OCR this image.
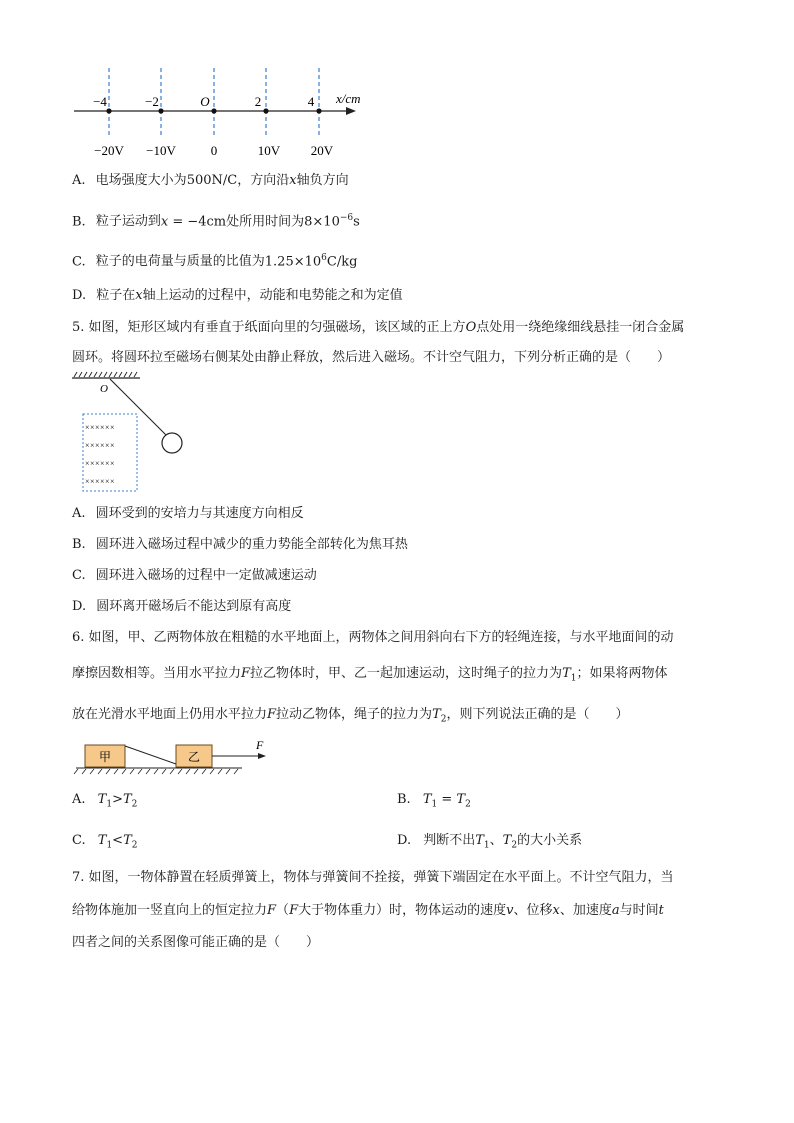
−4	−2	O	2	4 x/cm
−20V −10V	0	10V 20V
A. 电场强度大小为500N/C，方向沿x轴负方向
B. 粒子运动到x = −4cm处所用时间为$8\times 10^{-6}s$
C. 粒子的电荷量与质量的比值为$1.25\times 10^6C/kg$
D. 粒子在x轴上运动的过程中，动能和电势能之和为定值
5. 如图，矩形区域内有垂直于纸面向里的匀强磁场，该区域的正上方O点处用一绕绝缘细线悬挂一闭合金属
圆环。将圆环拉至磁场右侧某处由静止释放，然后进入磁场。不计空气阻力，下列分析正确的是（　　）
O
××××××
××××××
××××××
××××××
A. 圆环受到的安培力与其速度方向相反
B. 圆环进入磁场过程中减少的重力势能全部转化为焦耳热
C. 圆环进入磁场的过程中一定做减速运动
D. 圆环离开磁场后不能达到原有高度
6. 如图，甲、乙两物体放在粗糙的水平地面上，两物体之间用斜向右下方的轻绳连接，与水平地面间的动
摩擦因数相等。当用水平拉力F拉乙物体时，甲、乙一起加速运动，这时绳子的拉力为$T_1$；如果将两物体
放在光滑水平地面上仍用水平拉力F拉动乙物体，绳子的拉力为$T_2$，则下列说法正确的是（　　）
甲	乙
F
A. $T_1>T_2$	B. $T_1 = T_2$
C. $T_1<T_2$	D. 判断不出$T_1$、$T_2$的大小关系
7. 如图，一物体静置在轻质弹簧上，物体与弹簧间不拴接，弹簧下端固定在水平面上。不计空气阻力，当
给物体施加一竖直向上的恒定拉力F（F大于物体重力）时，物体运动的速度v、位移x、加速度a与时间t
四者之间的关系图像可能正确的是（　　）
